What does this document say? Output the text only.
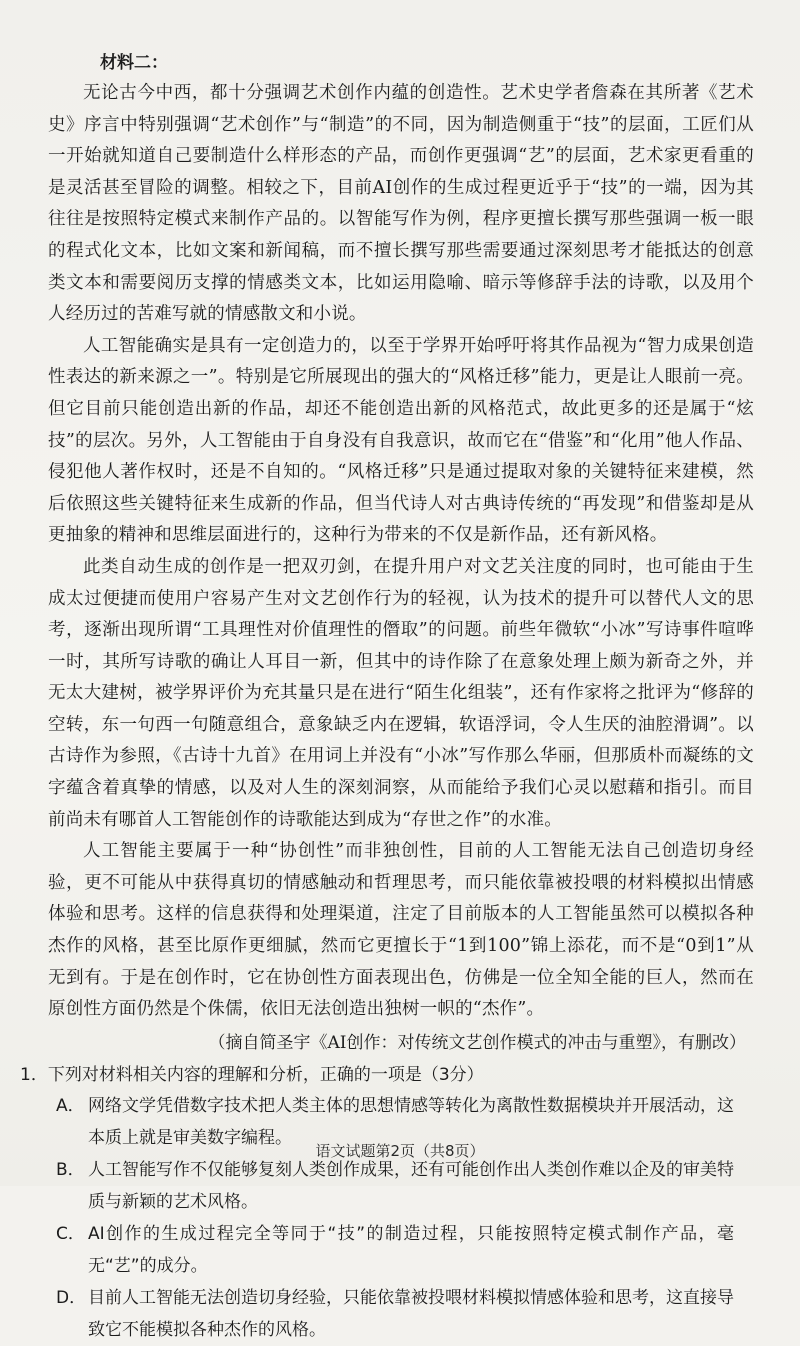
材料二：

无论古今中西，都十分强调艺术创作内蕴的创造性。艺术史学者詹森在其所著《艺术史》序言中特别强调“艺术创作”与“制造”的不同，因为制造侧重于“技”的层面，工匠们从一开始就知道自己要制造什么样形态的产品，而创作更强调“艺”的层面，艺术家更看重的是灵活甚至冒险的调整。相较之下，目前AI创作的生成过程更近乎于“技”的一端，因为其往往是按照特定模式来制作产品的。以智能写作为例，程序更擅长撰写那些强调一板一眼的程式化文本，比如文案和新闻稿，而不擅长撰写那些需要通过深刻思考才能抵达的创意类文本和需要阅历支撑的情感类文本，比如运用隐喻、暗示等修辞手法的诗歌，以及用个人经历过的苦难写就的情感散文和小说。

人工智能确实是具有一定创造力的，以至于学界开始呼吁将其作品视为“智力成果创造性表达的新来源之一”。特别是它所展现出的强大的“风格迁移”能力，更是让人眼前一亮。但它目前只能创造出新的作品，却还不能创造出新的风格范式，故此更多的还是属于“炫技”的层次。另外，人工智能由于自身没有自我意识，故而它在“借鉴”和“化用”他人作品、侵犯他人著作权时，还是不自知的。“风格迁移”只是通过提取对象的关键特征来建模，然后依照这些关键特征来生成新的作品，但当代诗人对古典诗传统的“再发现”和借鉴却是从更抽象的精神和思维层面进行的，这种行为带来的不仅是新作品，还有新风格。

此类自动生成的创作是一把双刃剑，在提升用户对文艺关注度的同时，也可能由于生成太过便捷而使用户容易产生对文艺创作行为的轻视，认为技术的提升可以替代人文的思考，逐渐出现所谓“工具理性对价值理性的僭取”的问题。前些年微软“小冰”写诗事件喧哗一时，其所写诗歌的确让人耳目一新，但其中的诗作除了在意象处理上颇为新奇之外，并无太大建树，被学界评价为充其量只是在进行“陌生化组装”，还有作家将之批评为“修辞的空转，东一句西一句随意组合，意象缺乏内在逻辑，软语浮词，令人生厌的油腔滑调”。以古诗作为参照，《古诗十九首》在用词上并没有“小冰”写作那么华丽，但那质朴而凝练的文字蕴含着真挚的情感，以及对人生的深刻洞察，从而能给予我们心灵以慰藉和指引。而目前尚未有哪首人工智能创作的诗歌能达到成为“存世之作”的水准。

人工智能主要属于一种“协创性”而非独创性，目前的人工智能无法自己创造切身经验，更不可能从中获得真切的情感触动和哲理思考，而只能依靠被投喂的材料模拟出情感体验和思考。这样的信息获得和处理渠道，注定了目前版本的人工智能虽然可以模拟各种杰作的风格，甚至比原作更细腻，然而它更擅长于“1到100”锦上添花，而不是“0到1”从无到有。于是在创作时，它在协创性方面表现出色，仿佛是一位全知全能的巨人，然而在原创性方面仍然是个侏儒，依旧无法创造出独树一帜的“杰作”。

（摘自简圣宇《AI创作：对传统文艺创作模式的冲击与重塑》，有删改）
1．下列对材料相关内容的理解和分析，正确的一项是（3分）
A． 网络文学凭借数字技术把人类主体的思想情感等转化为离散性数据模块并开展活动，这本质上就是审美数字编程。
B． 人工智能写作不仅能够复刻人类创作成果，还有可能创作出人类创作难以企及的审美特质与新颖的艺术风格。
C． AI创作的生成过程完全等同于“技”的制造过程，只能按照特定模式制作产品，毫无“艺”的成分。
D． 目前人工智能无法创造切身经验，只能依靠被投喂材料模拟情感体验和思考，这直接导致它不能模拟各种杰作的风格。
语文试题第2页（共8页）
